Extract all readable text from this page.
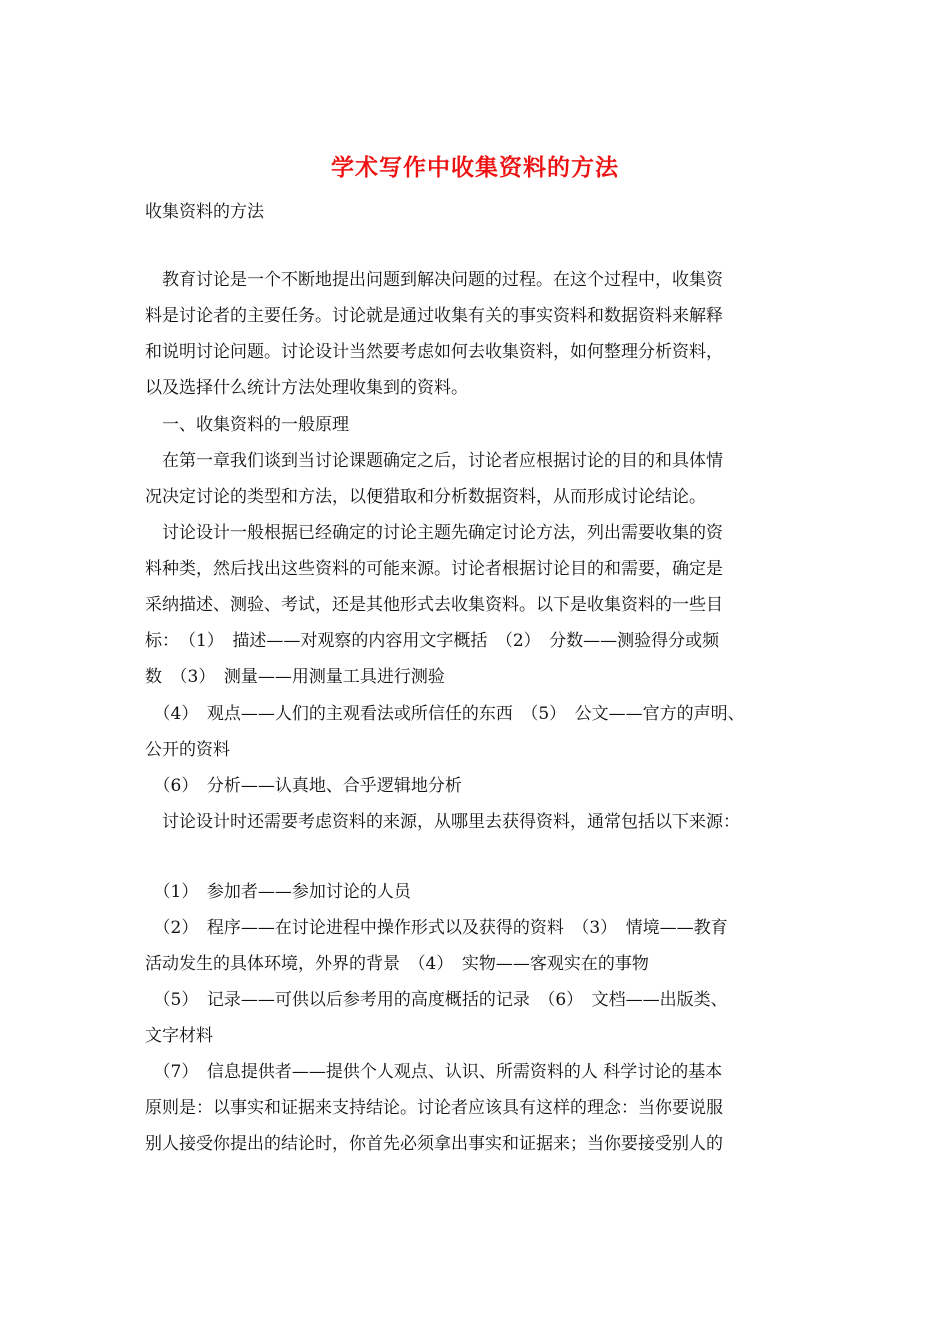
学术写作中收集资料的方法
收集资料的方法
　教育讨论是一个不断地提出问题到解决问题的过程。在这个过程中，收集资
料是讨论者的主要任务。讨论就是通过收集有关的事实资料和数据资料来解释
和说明讨论问题。讨论设计当然要考虑如何去收集资料，如何整理分析资料，
以及选择什么统计方法处理收集到的资料。
　一、收集资料的一般原理
　在第一章我们谈到当讨论课题确定之后，讨论者应根据讨论的目的和具体情
况决定讨论的类型和方法，以便猎取和分析数据资料，从而形成讨论结论。
　讨论设计一般根据已经确定的讨论主题先确定讨论方法，列出需要收集的资
料种类，然后找出这些资料的可能来源。讨论者根据讨论目的和需要，确定是
采纳描述、测验、考试，还是其他形式去收集资料。以下是收集资料的一些目
标：　（1）　描述——对观察的内容用文字概括　（2）　分数——测验得分或频
数　（3）　测量——用测量工具进行测验
　（4）　观点——人们的主观看法或所信任的东西　（5）　公文——官方的声明、
公开的资料
　（6）　分析——认真地、合乎逻辑地分析
　讨论设计时还需要考虑资料的来源，从哪里去获得资料，通常包括以下来源：
　（1）　参加者——参加讨论的人员
　（2）　程序——在讨论进程中操作形式以及获得的资料　（3）　情境——教育
活动发生的具体环境，外界的背景　（4）　实物——客观实在的事物
　（5）　记录——可供以后参考用的高度概括的记录　（6）　文档——出版类、
文字材料
　（7）　信息提供者——提供个人观点、认识、所需资料的人 科学讨论的基本
原则是：以事实和证据来支持结论。讨论者应该具有这样的理念：当你要说服
别人接受你提出的结论时，你首先必须拿出事实和证据来；当你要接受别人的
